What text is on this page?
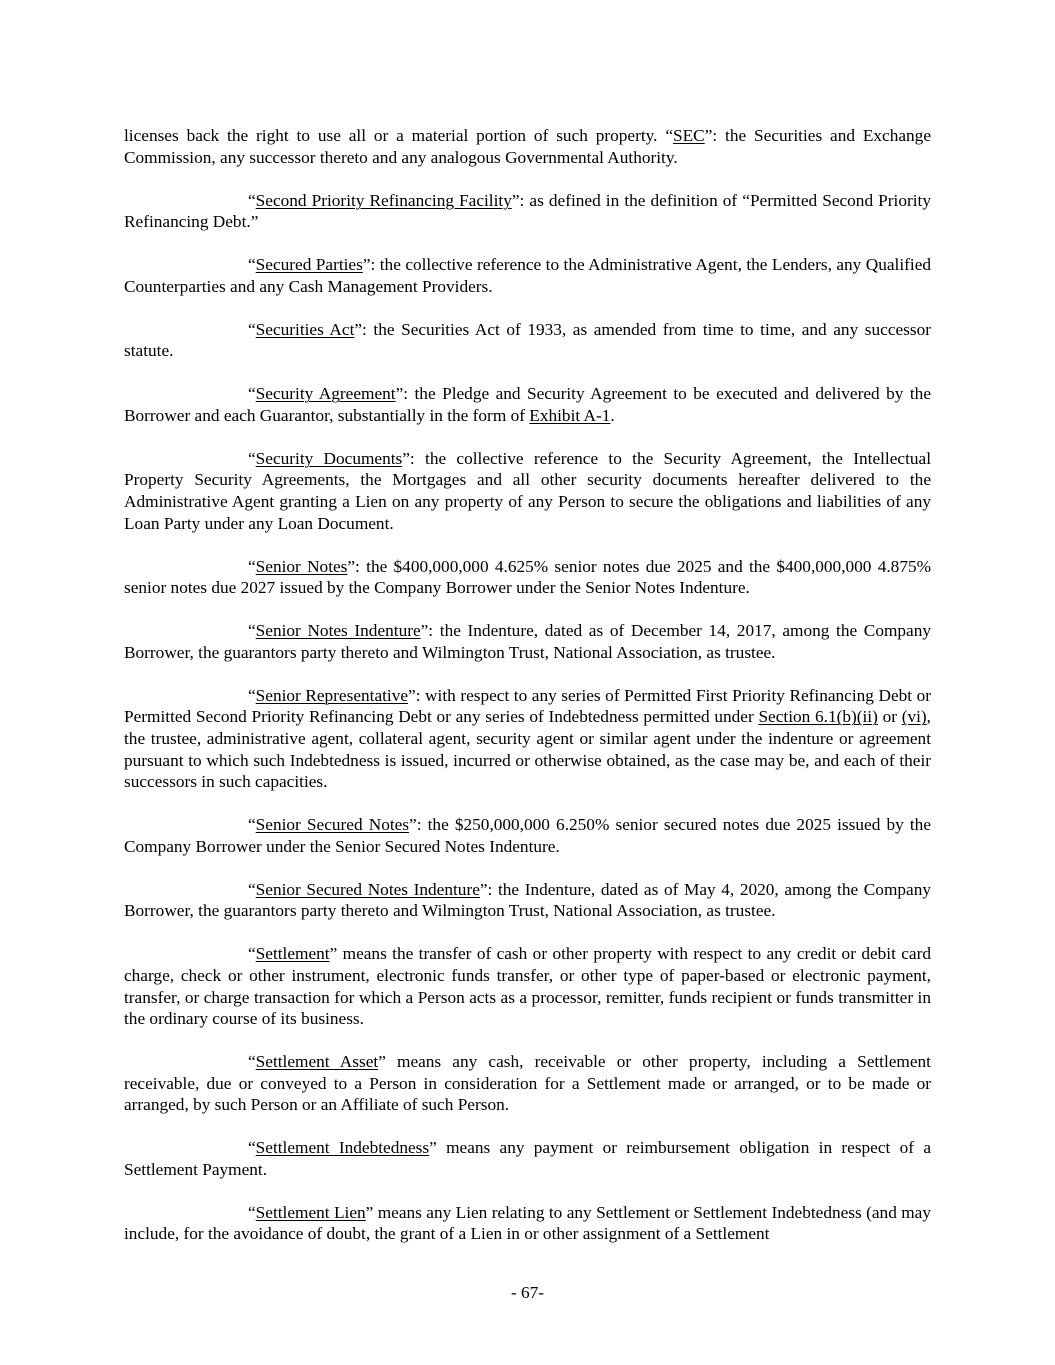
licenses back the right to use all or a material portion of such property. “SEC”: the Securities and Exchange Commission, any successor thereto and any analogous Governmental Authority.

“Second Priority Refinancing Facility”: as defined in the definition of “Permitted Second Priority Refinancing Debt.”

“Secured Parties”: the collective reference to the Administrative Agent, the Lenders, any Qualified Counterparties and any Cash Management Providers.

“Securities Act”: the Securities Act of 1933, as amended from time to time, and any successor statute.

“Security Agreement”: the Pledge and Security Agreement to be executed and delivered by the Borrower and each Guarantor, substantially in the form of Exhibit A-1.

“Security Documents”: the collective reference to the Security Agreement, the Intellectual Property Security Agreements, the Mortgages and all other security documents hereafter delivered to the Administrative Agent granting a Lien on any property of any Person to secure the obligations and liabilities of any Loan Party under any Loan Document.

“Senior Notes”: the $400,000,000 4.625% senior notes due 2025 and the $400,000,000 4.875% senior notes due 2027 issued by the Company Borrower under the Senior Notes Indenture.

“Senior Notes Indenture”: the Indenture, dated as of December 14, 2017, among the Company Borrower, the guarantors party thereto and Wilmington Trust, National Association, as trustee.

“Senior Representative”: with respect to any series of Permitted First Priority Refinancing Debt or Permitted Second Priority Refinancing Debt or any series of Indebtedness permitted under Section 6.1(b)(ii) or (vi), the trustee, administrative agent, collateral agent, security agent or similar agent under the indenture or agreement pursuant to which such Indebtedness is issued, incurred or otherwise obtained, as the case may be, and each of their successors in such capacities.

“Senior Secured Notes”: the $250,000,000 6.250% senior secured notes due 2025 issued by the Company Borrower under the Senior Secured Notes Indenture.

“Senior Secured Notes Indenture”: the Indenture, dated as of May 4, 2020, among the Company Borrower, the guarantors party thereto and Wilmington Trust, National Association, as trustee.

“Settlement” means the transfer of cash or other property with respect to any credit or debit card charge, check or other instrument, electronic funds transfer, or other type of paper-based or electronic payment, transfer, or charge transaction for which a Person acts as a processor, remitter, funds recipient or funds transmitter in the ordinary course of its business.

“Settlement Asset” means any cash, receivable or other property, including a Settlement receivable, due or conveyed to a Person in consideration for a Settlement made or arranged, or to be made or arranged, by such Person or an Affiliate of such Person.

“Settlement Indebtedness” means any payment or reimbursement obligation in respect of a Settlement Payment.

“Settlement Lien” means any Lien relating to any Settlement or Settlement Indebtedness (and may include, for the avoidance of doubt, the grant of a Lien in or other assignment of a Settlement

- 67-
